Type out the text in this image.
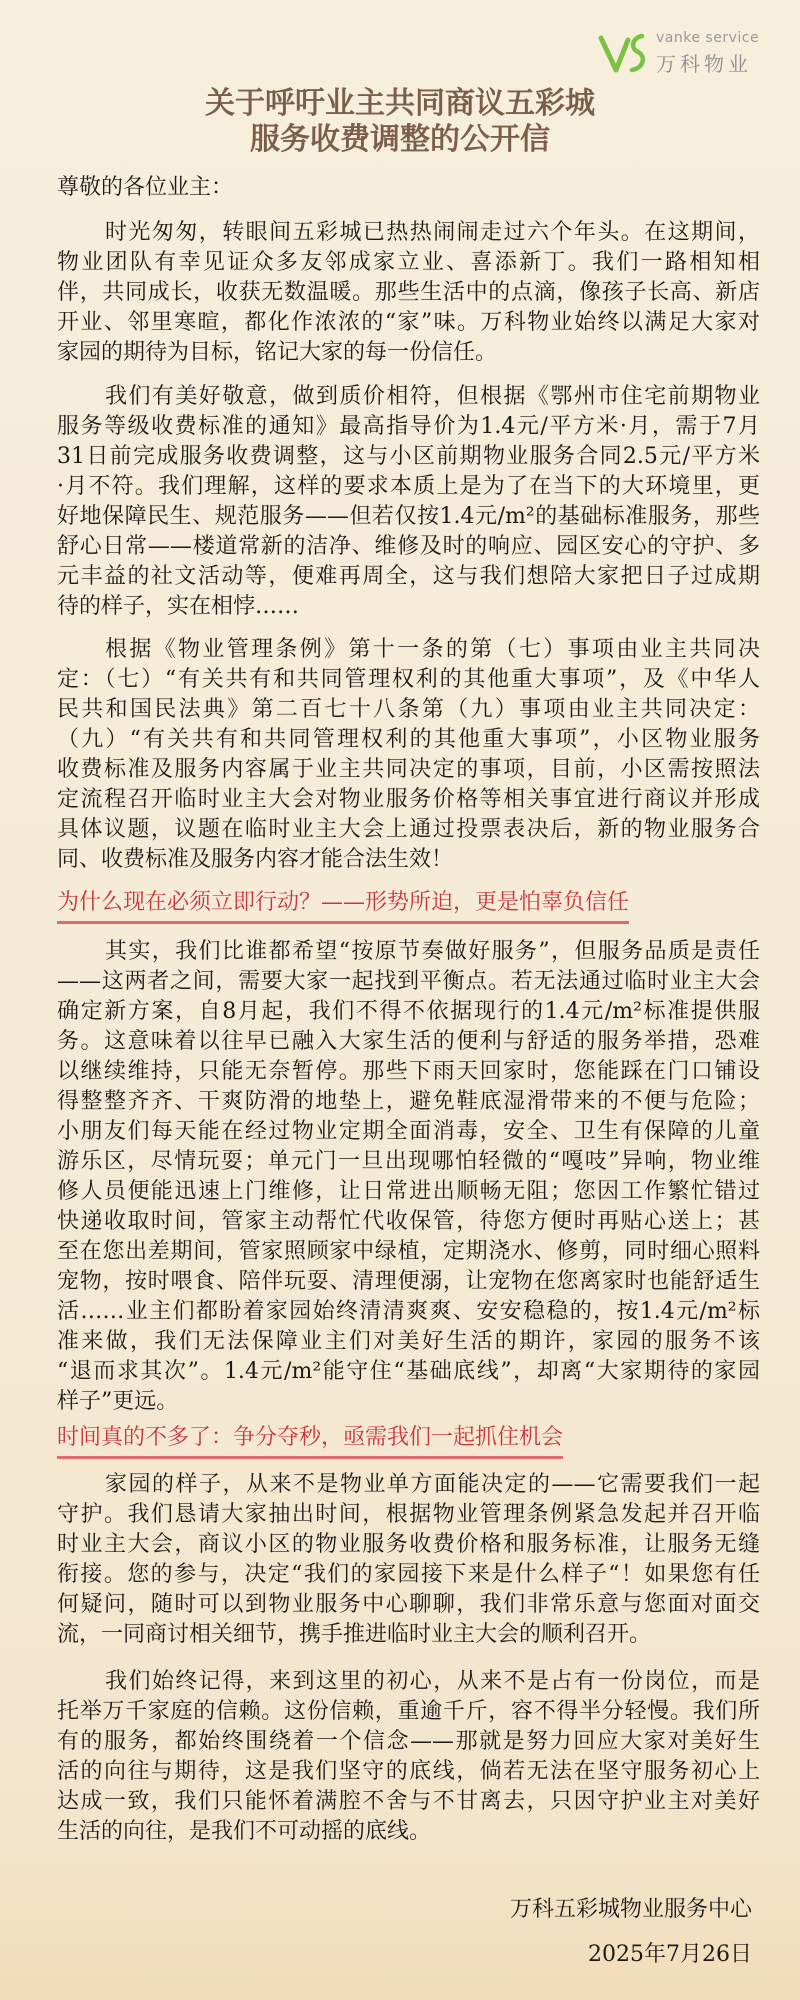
vanke service
万科物业
关于呼吁业主共同商议五彩城
服务收费调整的公开信
尊敬的各位业主：
时光匆匆，转眼间五彩城已热热闹闹走过六个年头。在这期间，
物业团队有幸见证众多友邻成家立业、喜添新丁。我们一路相知相
伴，共同成长，收获无数温暖。那些生活中的点滴，像孩子长高、新店
开业、邻里寒暄，都化作浓浓的“家”味。万科物业始终以满足大家对
家园的期待为目标，铭记大家的每一份信任。
我们有美好敬意，做到质价相符，但根据《鄂州市住宅前期物业
服务等级收费标准的通知》最高指导价为1.4元/平方米·月，需于7月
31日前完成服务收费调整，这与小区前期物业服务合同2.5元/平方米
·月不符。我们理解，这样的要求本质上是为了在当下的大环境里，更
好地保障民生、规范服务——但若仅按1.4元/m²的基础标准服务，那些
舒心日常——楼道常新的洁净、维修及时的响应、园区安心的守护、多
元丰益的社文活动等，便难再周全，这与我们想陪大家把日子过成期
待的样子，实在相悖……
根据《物业管理条例》第十一条的第（七）事项由业主共同决
定：（七）“有关共有和共同管理权利的其他重大事项”，及《中华人
民共和国民法典》第二百七十八条第（九）事项由业主共同决定：
（九）“有关共有和共同管理权利的其他重大事项”，小区物业服务
收费标准及服务内容属于业主共同决定的事项，目前，小区需按照法
定流程召开临时业主大会对物业服务价格等相关事宜进行商议并形成
具体议题，议题在临时业主大会上通过投票表决后，新的物业服务合
同、收费标准及服务内容才能合法生效！
为什么现在必须立即行动？——形势所迫，更是怕辜负信任
其实，我们比谁都希望“按原节奏做好服务”，但服务品质是责任
——这两者之间，需要大家一起找到平衡点。若无法通过临时业主大会
确定新方案，自8月起，我们不得不依据现行的1.4元/m²标准提供服
务。这意味着以往早已融入大家生活的便利与舒适的服务举措，恐难
以继续维持，只能无奈暂停。那些下雨天回家时，您能踩在门口铺设
得整整齐齐、干爽防滑的地垫上，避免鞋底湿滑带来的不便与危险；
小朋友们每天能在经过物业定期全面消毒，安全、卫生有保障的儿童
游乐区，尽情玩耍；单元门一旦出现哪怕轻微的“嘎吱”异响，物业维
修人员便能迅速上门维修，让日常进出顺畅无阻；您因工作繁忙错过
快递收取时间，管家主动帮忙代收保管，待您方便时再贴心送上；甚
至在您出差期间，管家照顾家中绿植，定期浇水、修剪，同时细心照料
宠物，按时喂食、陪伴玩耍、清理便溺，让宠物在您离家时也能舒适生
活……业主们都盼着家园始终清清爽爽、安安稳稳的，按1.4元/m²标
准来做，我们无法保障业主们对美好生活的期许，家园的服务不该
“退而求其次”。1.4元/m²能守住“基础底线”，却离“大家期待的家园
样子”更远。
时间真的不多了：争分夺秒，亟需我们一起抓住机会
家园的样子，从来不是物业单方面能决定的——它需要我们一起
守护。我们恳请大家抽出时间，根据物业管理条例紧急发起并召开临
时业主大会，商议小区的物业服务收费价格和服务标准，让服务无缝
衔接。您的参与，决定“我们的家园接下来是什么样子“！如果您有任
何疑问，随时可以到物业服务中心聊聊，我们非常乐意与您面对面交
流，一同商讨相关细节，携手推进临时业主大会的顺利召开。
我们始终记得，来到这里的初心，从来不是占有一份岗位，而是
托举万千家庭的信赖。这份信赖，重逾千斤，容不得半分轻慢。我们所
有的服务，都始终围绕着一个信念——那就是努力回应大家对美好生
活的向往与期待，这是我们坚守的底线，倘若无法在坚守服务初心上
达成一致，我们只能怀着满腔不舍与不甘离去，只因守护业主对美好
生活的向往，是我们不可动摇的底线。
万科五彩城物业服务中心
2025年7月26日
